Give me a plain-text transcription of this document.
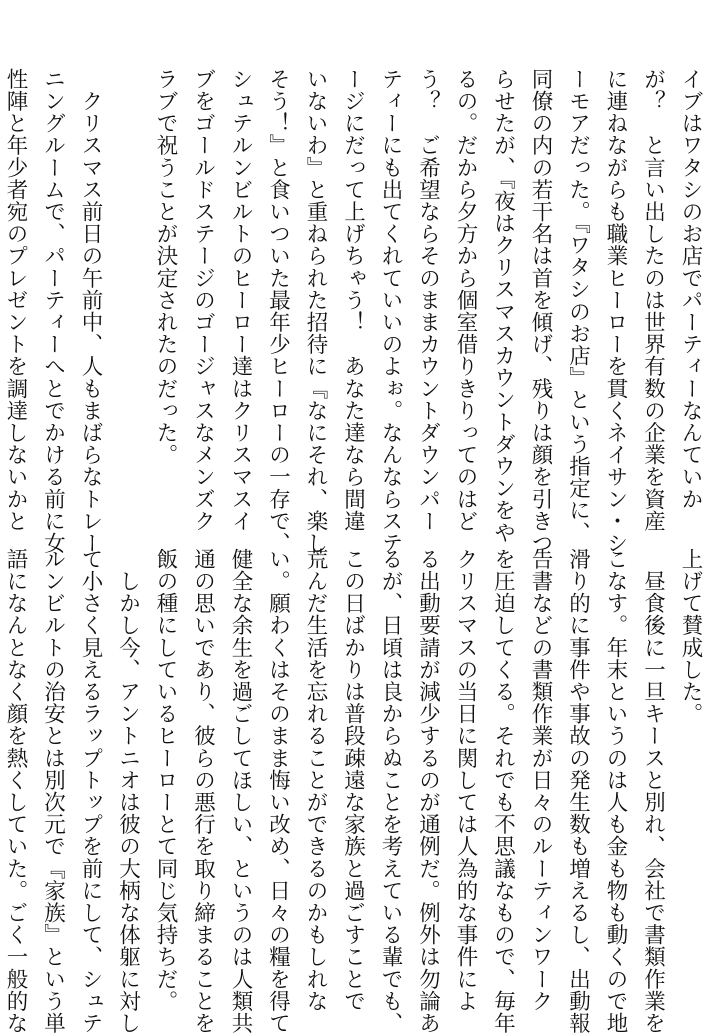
イブはワタシのお店でパーティーなんていか
が？　と言い出したのは世界有数の企業を資産
に連ねながらも職業ヒーローを貫くネイサン・シ
ーモアだった。『ワタシのお店』という指定に、
同僚の内の若干名は首を傾げ、残りは顔を引きつ
らせたが、『夜はクリスマスカウントダウンをや
るの。だから夕方から個室借りきりってのはど
う？　ご希望ならそのままカウントダウンパー
ティーにも出てくれていいのよぉ。なんならステ
ージにだって上げちゃう！　あなた達なら間違
いないわ』と重ねられた招待に『なにそれ、楽し
そう！』と食いついた最年少ヒーローの一存で、
シュテルンビルトのヒーロー達はクリスマスイ
ブをゴールドステージのゴージャスなメンズク
ラブで祝うことが決定されたのだった。

　クリスマス前日の午前中、人もまばらなトレー
ニングルームで、パーティーへとでかける前に女
性陣と年少者宛のプレゼントを調達しないかと
上げて賛成した。
　昼食後に一旦キースと別れ、会社で書類作業を
こなす。年末というのは人も金も物も動くので地
滑り的に事件や事故の発生数も増えるし、出動報
告書などの書類作業が日々のルーティンワーク
を圧迫してくる。それでも不思議なもので、毎年
クリスマスの当日に関しては人為的な事件によ
る出動要請が減少するのが通例だ。例外は勿論あ
るが、日頃は良からぬことを考えている輩でも、
この日ばかりは普段疎遠な家族と過ごすことで
荒んだ生活を忘れることができるのかもしれな
い。願わくはそのまま悔い改め、日々の糧を得て
健全な余生を過ごしてほしい、というのは人類共
通の思いであり、彼らの悪行を取り締まることを
飯の種にしているヒーローとて同じ気持ちだ。
　しかし今、アントニオは彼の大柄な体躯に対し
て小さく見えるラップトップを前にして、シュテ
ルンビルトの治安とは別次元で『家族』という単
語になんとなく顔を熱くしていた。ごく一般的な
